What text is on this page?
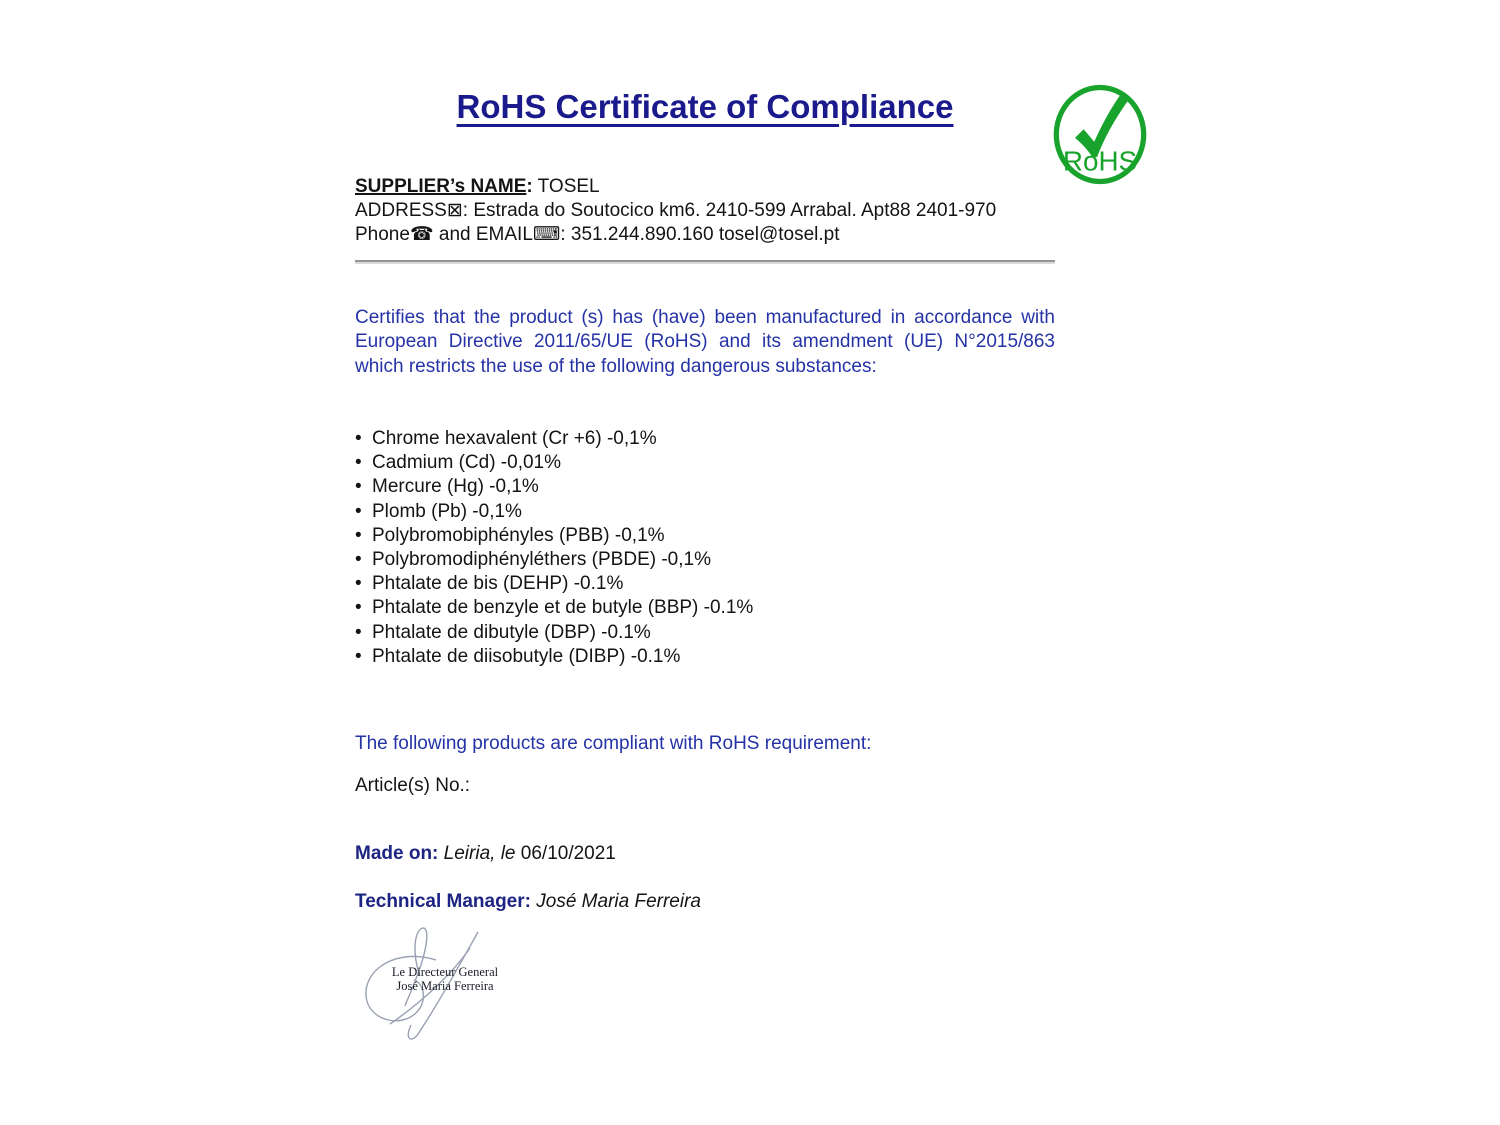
RoHS Certificate of Compliance
RoHS
SUPPLIER’s NAME: TOSEL
ADDRESS⊠: Estrada do Soutocico km6. 2410-599 Arrabal. Apt88 2401-970
Phone☎ and EMAIL⌨: 351.244.890.160 tosel@tosel.pt
Certifies that the product (s) has (have) been manufactured in accordance with European Directive 2011/65/UE (RoHS) and its amendment (UE) N°2015/863 which restricts the use of the following dangerous substances:
• Chrome hexavalent (Cr +6) -0,1%
• Cadmium (Cd) -0,01%
• Mercure (Hg) -0,1%
• Plomb (Pb) -0,1%
• Polybromobiphényles (PBB) -0,1%
• Polybromodiphényléthers (PBDE) -0,1%
• Phtalate de bis (DEHP) -0.1%
• Phtalate de benzyle et de butyle (BBP) -0.1%
• Phtalate de dibutyle (DBP) -0.1%
• Phtalate de diisobutyle (DIBP) -0.1%
The following products are compliant with RoHS requirement:
Article(s) No.:
Made on: Leiria, le 06/10/2021
Technical Manager: José Maria Ferreira
Le Directeur General
José Maria Ferreira
